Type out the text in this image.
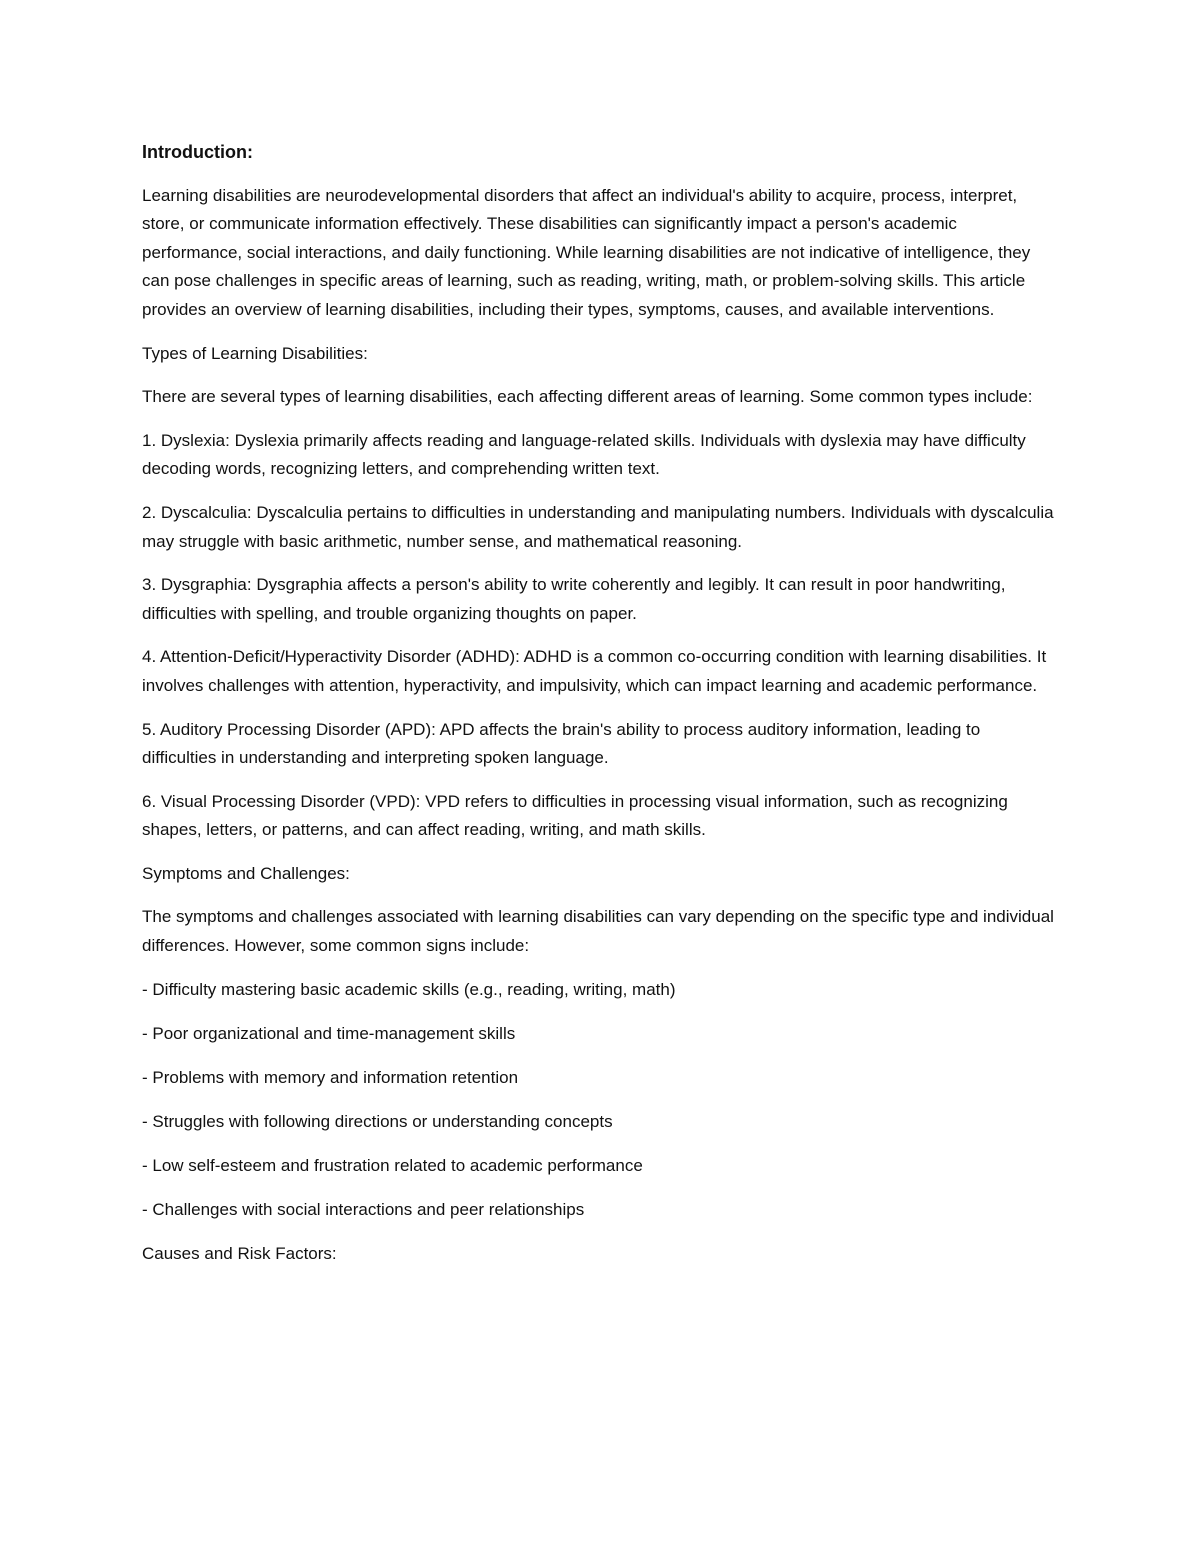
Introduction:

Learning disabilities are neurodevelopmental disorders that affect an individual's ability to acquire, process, interpret, store, or communicate information effectively. These disabilities can significantly impact a person's academic performance, social interactions, and daily functioning. While learning disabilities are not indicative of intelligence, they can pose challenges in specific areas of learning, such as reading, writing, math, or problem-solving skills. This article provides an overview of learning disabilities, including their types, symptoms, causes, and available interventions.

Types of Learning Disabilities:

There are several types of learning disabilities, each affecting different areas of learning. Some common types include:

1. Dyslexia: Dyslexia primarily affects reading and language-related skills. Individuals with dyslexia may have difficulty decoding words, recognizing letters, and comprehending written text.

2. Dyscalculia: Dyscalculia pertains to difficulties in understanding and manipulating numbers. Individuals with dyscalculia may struggle with basic arithmetic, number sense, and mathematical reasoning.

3. Dysgraphia: Dysgraphia affects a person's ability to write coherently and legibly. It can result in poor handwriting, difficulties with spelling, and trouble organizing thoughts on paper.

4. Attention-Deficit/Hyperactivity Disorder (ADHD): ADHD is a common co-occurring condition with learning disabilities. It involves challenges with attention, hyperactivity, and impulsivity, which can impact learning and academic performance.

5. Auditory Processing Disorder (APD): APD affects the brain's ability to process auditory information, leading to difficulties in understanding and interpreting spoken language.

6. Visual Processing Disorder (VPD): VPD refers to difficulties in processing visual information, such as recognizing shapes, letters, or patterns, and can affect reading, writing, and math skills.

Symptoms and Challenges:

The symptoms and challenges associated with learning disabilities can vary depending on the specific type and individual differences. However, some common signs include:

- Difficulty mastering basic academic skills (e.g., reading, writing, math)

- Poor organizational and time-management skills

- Problems with memory and information retention

- Struggles with following directions or understanding concepts

- Low self-esteem and frustration related to academic performance

- Challenges with social interactions and peer relationships

Causes and Risk Factors:
